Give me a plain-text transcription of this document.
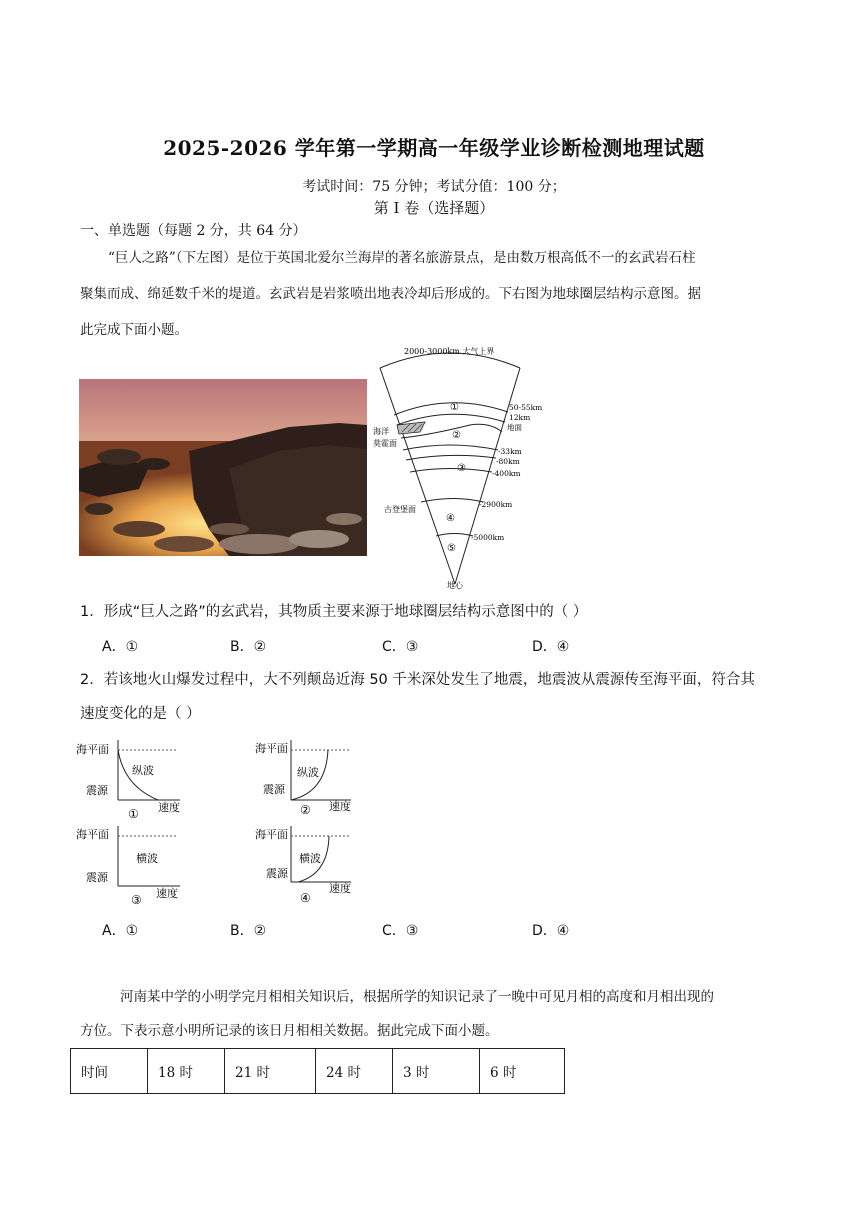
2025-2026 学年第一学期高一年级学业诊断检测地理试题
考试时间：75 分钟；考试分值：100 分；
第 I 卷（选择题）
一、单选题（每题 2 分，共 64 分）
“巨人之路”（下左图）是位于英国北爱尔兰海岸的著名旅游景点，是由数万根高低不一的玄武岩石柱
聚集而成、绵延数千米的堤道。玄武岩是岩浆喷出地表冷却后形成的。下右图为地球圈层结构示意图。据
此完成下面小题。
2000-3000km 大气上界
50-55km
12km
地面
-33km
-80km
-400km
-2900km
-5000km
地心
海洋
莫霍面
古登堡面
①
②
③
④
⑤
1．形成“巨人之路”的玄武岩，其物质主要来源于地球圈层结构示意图中的（ ）
A．①	B．②	C．③	D．④
2．若该地火山爆发过程中，大不列颠岛近海 50 千米深处发生了地震，地震波从震源传至海平面，符合其
速度变化的是（ ）
海平面
震源
纵波
① 速度
海平面
震源
纵波
② 速度
海平面
震源
横波
③ 速度
海平面
震源
横波
④
速度
A．①	B．②	C．③	D．④
河南某中学的小明学完月相相关知识后，根据所学的知识记录了一晚中可见月相的高度和月相出现的
方位。下表示意小明所记录的该日月相相关数据。据此完成下面小题。
时间	18 时	21 时	24 时	3 时	6 时
